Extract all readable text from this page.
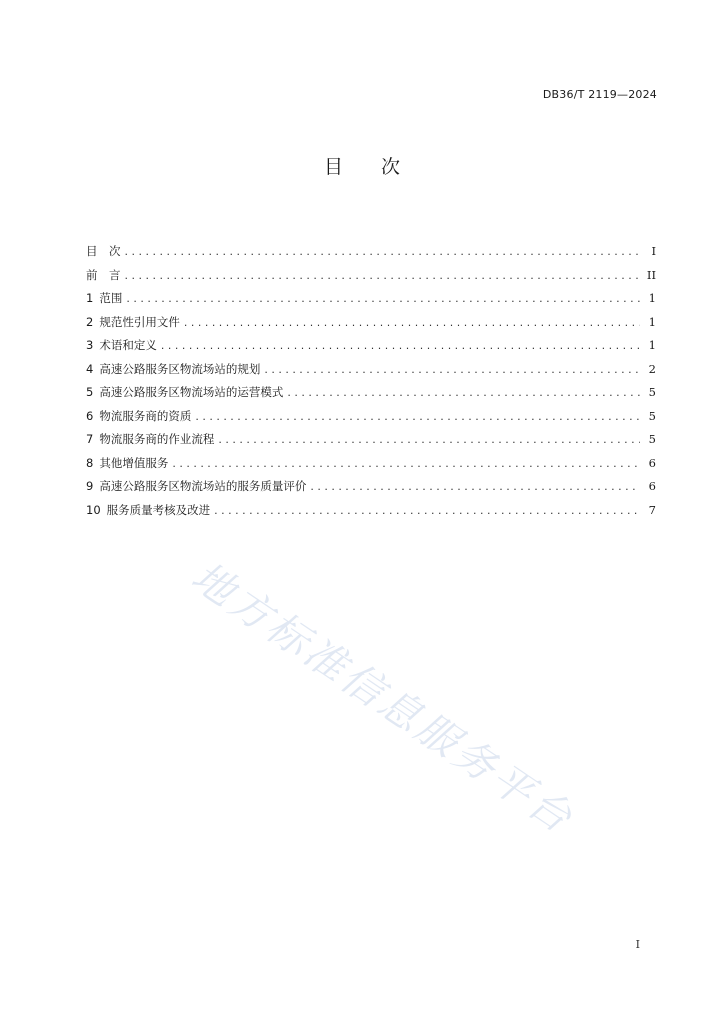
DB36/T 2119—2024
目 次
目　次 .....	I
前　言 .....	II
1 范围 .....	1
2 规范性引用文件 .....	1
3 术语和定义 .....	1
4 高速公路服务区物流场站的规划 .....	2
5 高速公路服务区物流场站的运营模式 .....	5
6 物流服务商的资质 .....	5
7 物流服务商的作业流程 .....	5
8 其他增值服务 .....	6
9 高速公路服务区物流场站的服务质量评价 .....	6
10 服务质量考核及改进 .....	7
地方标准信息服务平台
I
